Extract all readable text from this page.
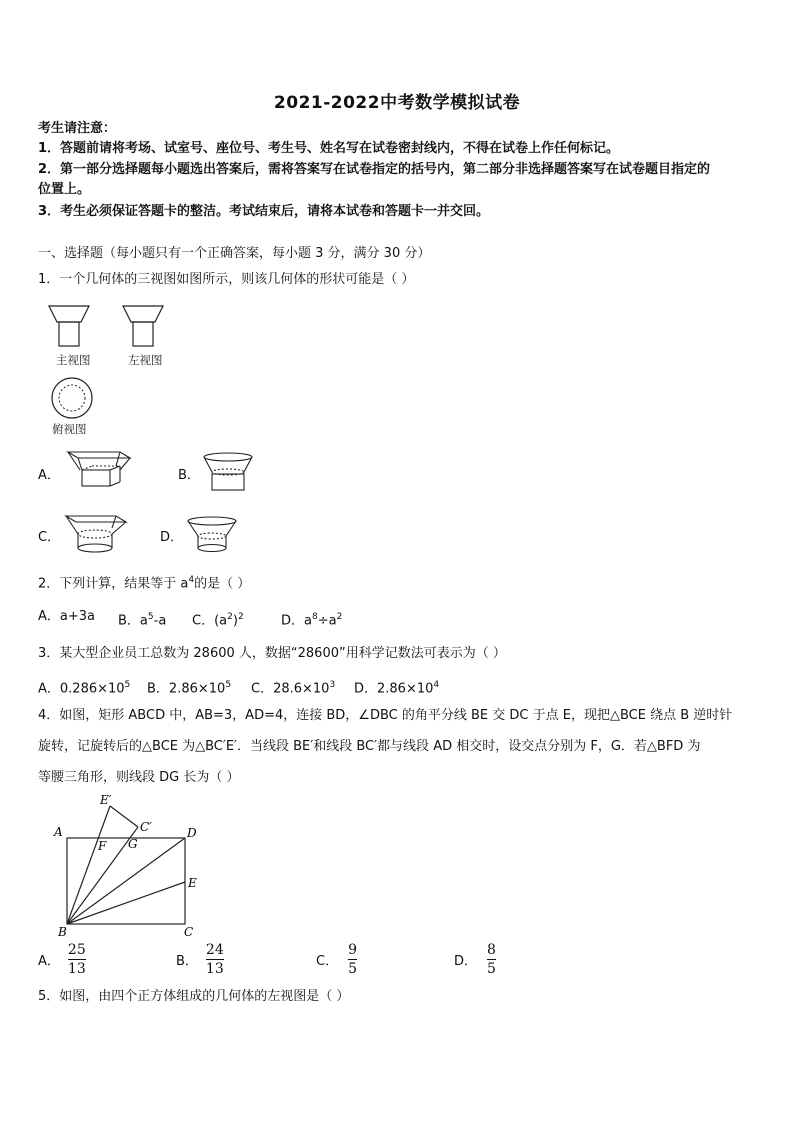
2021-2022中考数学模拟试卷
考生请注意：
1．答题前请将考场、试室号、座位号、考生号、姓名写在试卷密封线内，不得在试卷上作任何标记。
2．第一部分选择题每小题选出答案后，需将答案写在试卷指定的括号内，第二部分非选择题答案写在试卷题目指定的
位置上。
3．考生必须保证答题卡的整洁。考试结束后，请将本试卷和答题卡一并交回。
一、选择题（每小题只有一个正确答案，每小题 3 分，满分 30 分）
1．一个几何体的三视图如图所示，则该几何体的形状可能是（ ）
主视图	左视图
俯视图
A．	B．
C．	D．
2．下列计算，结果等于 $a^4$的是（ ）
A．a+3a B．$a^5-a$ C．$(a^2)^2$	D．$a^8\div a^2$
3．某大型企业员工总数为 28600 人，数据“28600”用科学记数法可表示为（ ）
A．$0.286\times 10^5$ B．$2.86\times 10^5$ C．$28.6\times 10^3$ D．$2.86\times 10^4$
4．如图，矩形 ABCD 中，AB=3，AD=4，连接 BD，∠DBC 的角平分线 BE 交 DC 于点 E，现把△BCE 绕点 B 逆时针
旋转，记旋转后的△BCE 为△BC′E′．当线段 BE′和线段 BC′都与线段 AD 相交时，设交点分别为 F，G．若△BFD 为
等腰三角形，则线段 DG 长为（ ）
A
B	C
D
E
E′
C′
F G
A． $\frac{25}{13}$	B． $\frac{24}{13}$	C． $\frac{9}{5}$	D． $\frac{8}{5}$
5．如图，由四个正方体组成的几何体的左视图是（ ）
